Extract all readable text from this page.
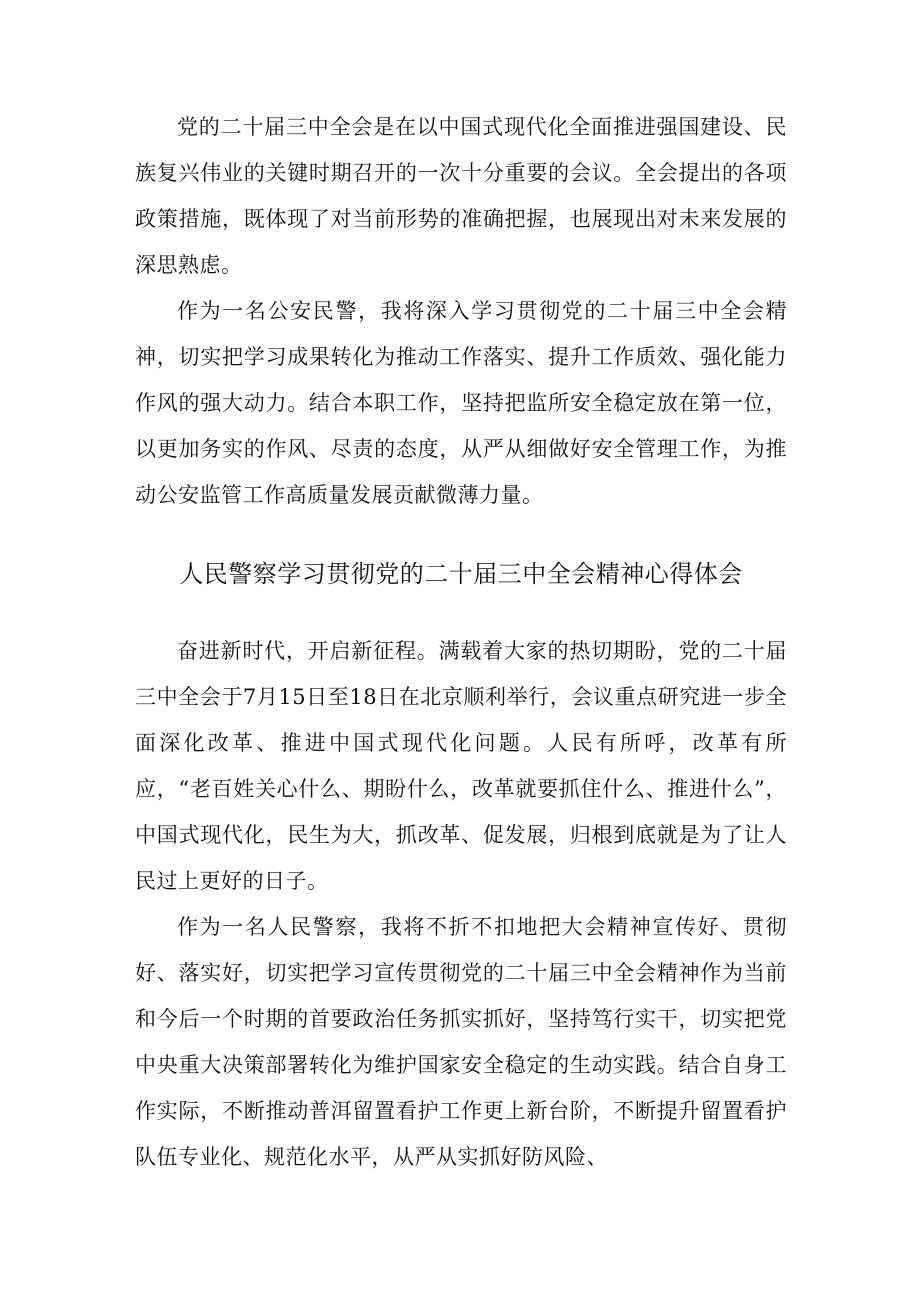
党的二十届三中全会是在以中国式现代化全面推进强国建设、民族复兴伟业的关键时期召开的一次十分重要的会议。全会提出的各项政策措施，既体现了对当前形势的准确把握，也展现出对未来发展的深思熟虑。

作为一名公安民警，我将深入学习贯彻党的二十届三中全会精神，切实把学习成果转化为推动工作落实、提升工作质效、强化能力作风的强大动力。结合本职工作，坚持把监所安全稳定放在第一位，以更加务实的作风、尽责的态度，从严从细做好安全管理工作，为推动公安监管工作高质量发展贡献微薄力量。

人民警察学习贯彻党的二十届三中全会精神心得体会

奋进新时代，开启新征程。满载着大家的热切期盼，党的二十届三中全会于7月15日至18日在北京顺利举行，会议重点研究进一步全面深化改革、推进中国式现代化问题。人民有所呼，改革有所应，“老百姓关心什么、期盼什么，改革就要抓住什么、推进什么”，中国式现代化，民生为大，抓改革、促发展，归根到底就是为了让人民过上更好的日子。

作为一名人民警察，我将不折不扣地把大会精神宣传好、贯彻好、落实好，切实把学习宣传贯彻党的二十届三中全会精神作为当前和今后一个时期的首要政治任务抓实抓好，坚持笃行实干，切实把党中央重大决策部署转化为维护国家安全稳定的生动实践。结合自身工作实际，不断推动普洱留置看护工作更上新台阶，不断提升留置看护队伍专业化、规范化水平，从严从实抓好防风险、
